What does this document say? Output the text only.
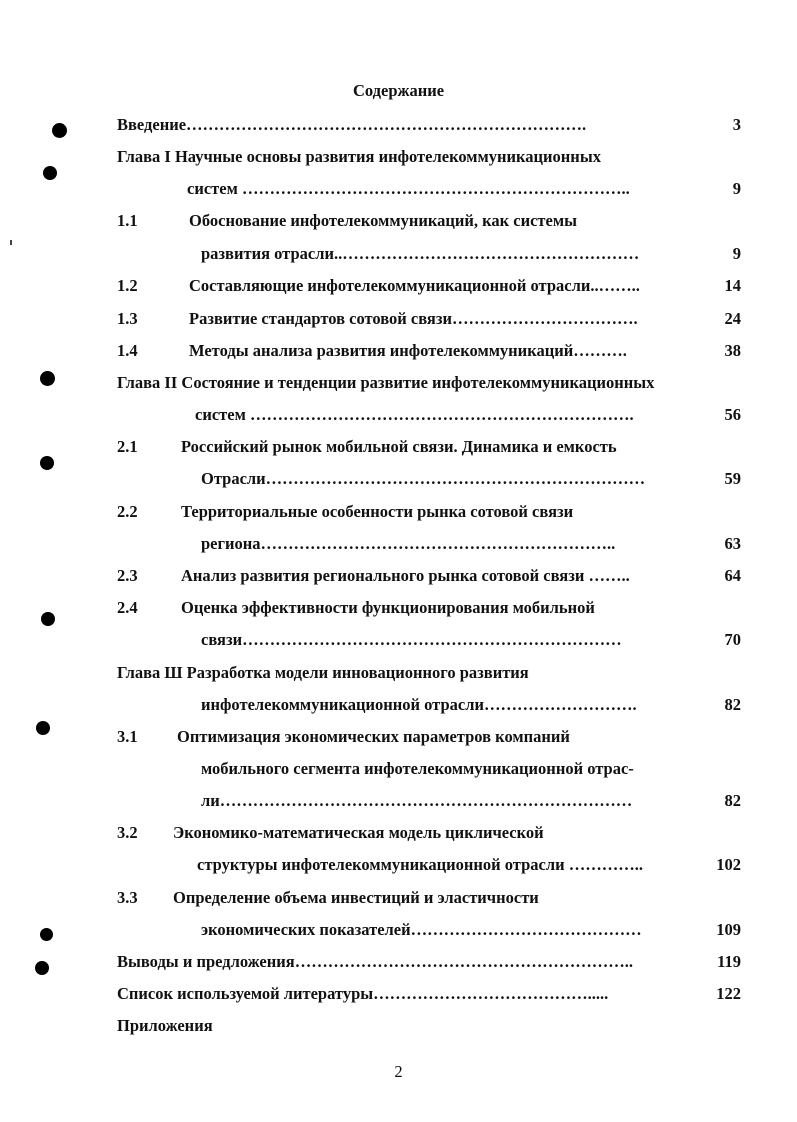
Содержание
Введение……………………………………………………………….	3
Глава I Научные основы развития инфотелекоммуникационных
систем ……………………………………………………………..	9
1.1	Обоснование инфотелекоммуникаций, как системы
развития отрасли..………………………………………………	9
1.2	Составляющие инфотелекоммуникационной отрасли..……..	14
1.3	Развитие стандартов сотовой связи…………………………….	24
1.4	Методы анализа развития инфотелекоммуникаций……….	38
Глава II Состояние и тенденции развитие инфотелекоммуникационных
систем …………………………………………………………….	56
2.1	Российский рынок мобильной связи. Динамика и емкость
Отрасли……………………………………………………………	59
2.2	Территориальные особенности рынка сотовой связи
региона………………………………………………………..	63
2.3	Анализ развития регионального рынка сотовой связи ……..	64
2.4	Оценка эффективности функционирования мобильной
связи……………………………………………………………	70
Глава Ш Разработка модели инновационного развития
инфотелекоммуникационной отрасли……………………….	82
3.1 Оптимизация экономических параметров компаний
мобильного сегмента инфотелекоммуникационной отрас-
ли…………………………………………………………………	82
3.2 Экономико-математическая модель циклической
структуры инфотелекоммуникационной отрасли …………..	102
3.3 Определение объема инвестиций и эластичности
экономических показателей……………………………………	109
Выводы и предложения……………………………………………………..	119
Список используемой литературы………………………………….....	122
Приложения
2
